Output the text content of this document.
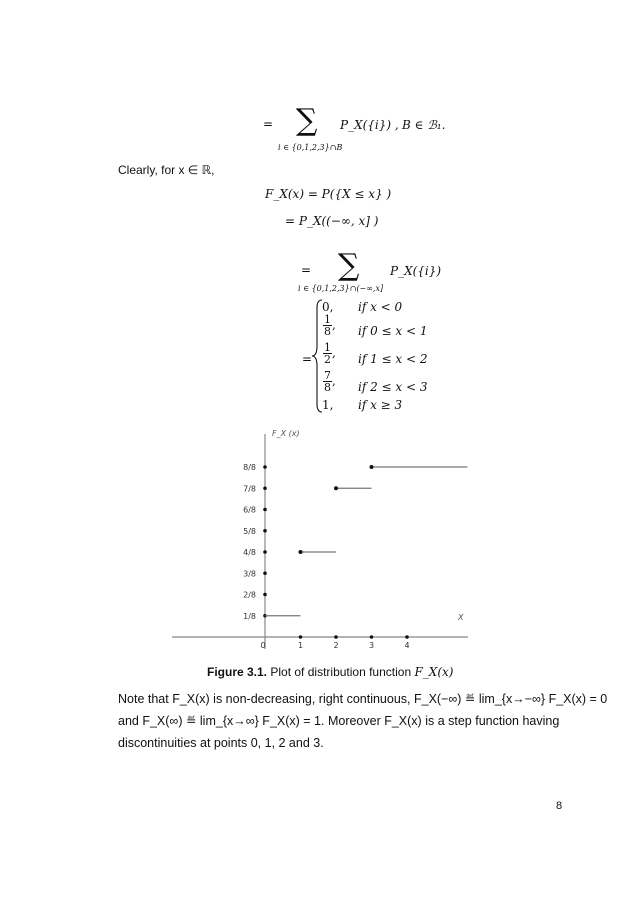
= ∑
i ∈ {0,1,2,3}∩B
P_X({i}) , B ∈ ℬ₁.
Clearly, for x ∈ ℝ,
F_X(x) = P({X ≤ x} )
= P_X((−∞, x] )
= ∑
i ∈ {0,1,2,3}∩(−∞,x]
P_X({i})
=
0, if x < 0
$\frac{1}{8}$ , if 0 ≤ x < 1
$\frac{1}{2}$ , if 1 ≤ x < 2
$\frac{7}{8}$ , if 2 ≤ x < 3
1, if x ≥ 3
F_X (x)
X
1/8
2/8
3/8
4/8
5/8
6/8
7/8
8/8
0	1	2	3	4
Figure 3.1. Plot of distribution function F_X(x)
Note that F_X(x) is non-decreasing, right continuous, F_X(−∞) ≝ lim_{x→−∞} F_X(x) = 0
and F_X(∞) ≝ lim_{x→∞} F_X(x) = 1. Moreover F_X(x) is a step function having
discontinuities at points 0, 1, 2 and 3.
8
